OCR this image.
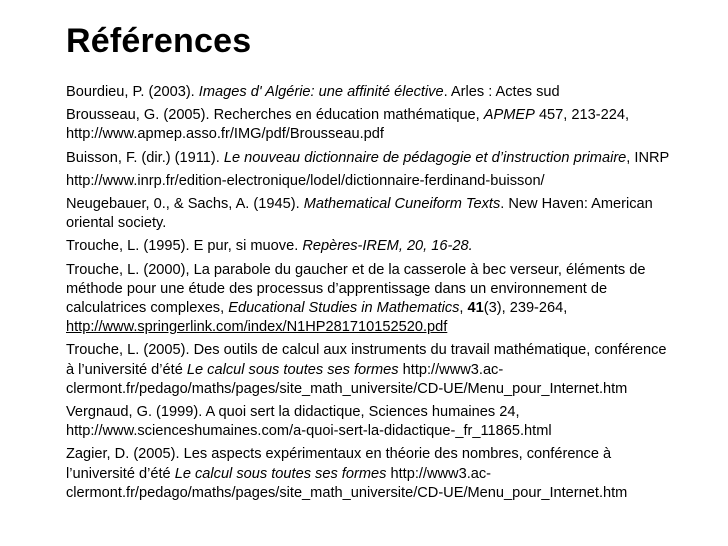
Références
Bourdieu, P. (2003). Images d' Algérie: une affinité élective. Arles : Actes sud
Brousseau, G. (2005). Recherches en éducation mathématique, APMEP 457, 213-224,
http://www.apmep.asso.fr/IMG/pdf/Brousseau.pdf
Buisson, F. (dir.) (1911). Le nouveau dictionnaire de pédagogie et d’instruction primaire, INRP
http://www.inrp.fr/edition-electronique/lodel/dictionnaire-ferdinand-buisson/
Neugebauer, 0., & Sachs, A. (1945). Mathematical Cuneiform Texts. New Haven: American
oriental society.
Trouche, L. (1995). E pur, si muove. Repères-IREM, 20, 16-28.
Trouche, L. (2000), La parabole du gaucher et de la casserole à bec verseur, éléments de
méthode pour une étude des processus d’apprentissage dans un environnement de
calculatrices complexes, Educational Studies in Mathematics, 41(3), 239-264,
http://www.springerlink.com/index/N1HP281710152520.pdf
Trouche, L. (2005). Des outils de calcul aux instruments du travail mathématique, conférence
à l’université d’été Le calcul sous toutes ses formes http://www3.ac-
clermont.fr/pedago/maths/pages/site_math_universite/CD-UE/Menu_pour_Internet.htm
Vergnaud, G. (1999). A quoi sert la didactique, Sciences humaines 24,
http://www.scienceshumaines.com/a-quoi-sert-la-didactique-_fr_11865.html
Zagier, D. (2005). Les aspects expérimentaux en théorie des nombres, conférence à
l’université d’été Le calcul sous toutes ses formes http://www3.ac-
clermont.fr/pedago/maths/pages/site_math_universite/CD-UE/Menu_pour_Internet.htm
